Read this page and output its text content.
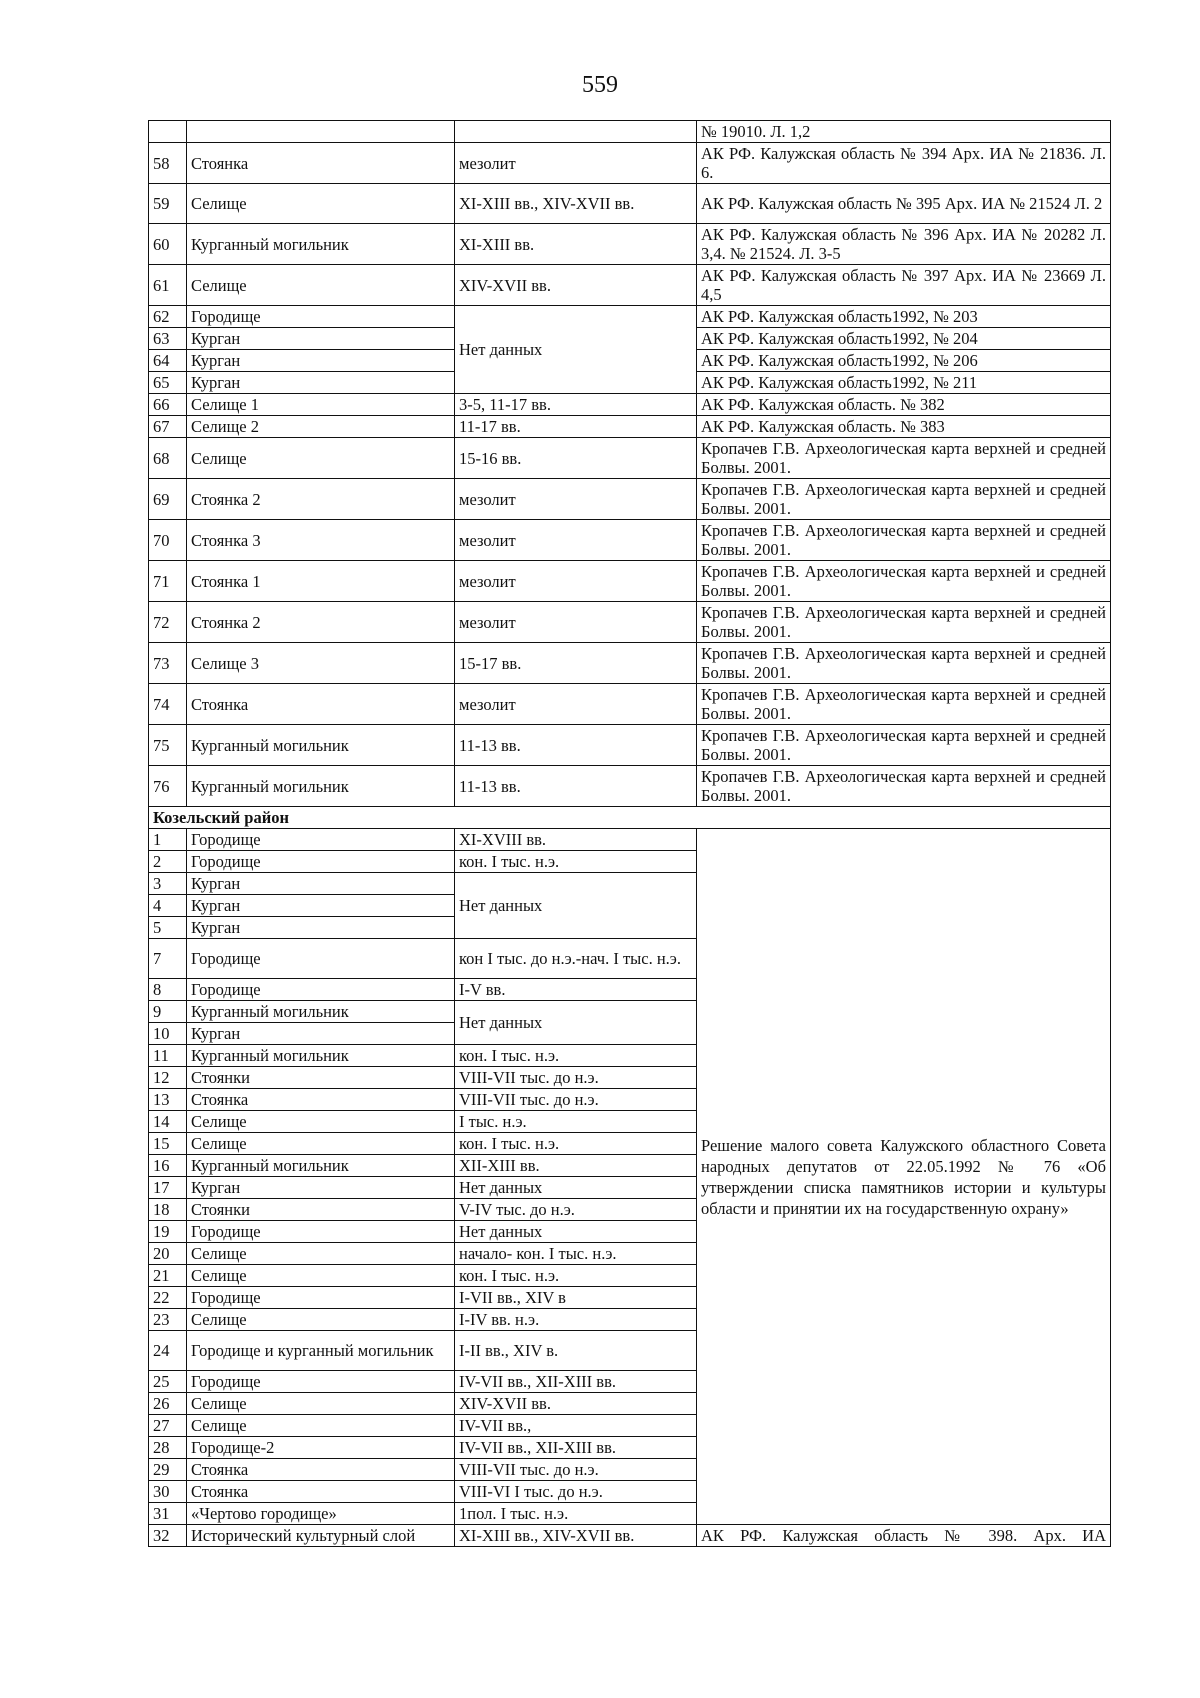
559
			№ 19010. Л. 1,2
58	Стоянка	мезолит	АК РФ. Калужская область № 394 Арх. ИА № 21836. Л. 6.
59	Селище	XI-XIII вв., XIV-XVII вв.	АК РФ. Калужская область № 395 Арх. ИА № 21524 Л. 2
60	Курганный могильник	XI-XIII вв.	АК РФ. Калужская область № 396 Арх. ИА № 20282 Л. 3,4. № 21524. Л. 3-5
61	Селище	XIV-XVII вв.	АК РФ. Калужская область № 397 Арх. ИА № 23669 Л. 4,5
62	Городище	Нет данных	АК РФ. Калужская область1992, № 203
63	Курган		АК РФ. Калужская область1992, № 204
64	Курган		АК РФ. Калужская область1992, № 206
65	Курган		АК РФ. Калужская область1992, № 211
66	Селище 1	3-5, 11-17 вв.	АК РФ. Калужская область. № 382
67	Селище 2	11-17 вв.	АК РФ. Калужская область. № 383
68	Селище	15-16 вв.	Кропачев Г.В. Археологическая карта верхней и средней Болвы. 2001.
69	Стоянка 2	мезолит	Кропачев Г.В. Археологическая карта верхней и средней Болвы. 2001.
70	Стоянка 3	мезолит	Кропачев Г.В. Археологическая карта верхней и средней Болвы. 2001.
71	Стоянка 1	мезолит	Кропачев Г.В. Археологическая карта верхней и средней Болвы. 2001.
72	Стоянка 2	мезолит	Кропачев Г.В. Археологическая карта верхней и средней Болвы. 2001.
73	Селище 3	15-17 вв.	Кропачев Г.В. Археологическая карта верхней и средней Болвы. 2001.
74	Стоянка	мезолит	Кропачев Г.В. Археологическая карта верхней и средней Болвы. 2001.
75	Курганный могильник	11-13 вв.	Кропачев Г.В. Археологическая карта верхней и средней Болвы. 2001.
76	Курганный могильник	11-13 вв.	Кропачев Г.В. Археологическая карта верхней и средней Болвы. 2001.
Козельский район			
1	Городище	XI-XVIII вв.	Решение малого совета Калужского областного Совета народных депутатов от 22.05.1992 № 76 «Об утверждении списка памятников истории и культуры области и принятии их на государственную охрану»
2	Городище	кон. I тыс. н.э.	
3	Курган	Нет данных	
4	Курган		
5	Курган		
7	Городище	кон I тыс. до н.э.-нач. I тыс. н.э.	
8	Городище	I-V вв.	
9	Курганный могильник	Нет данных	
10	Курган		
11	Курганный могильник	кон. I тыс. н.э.	
12	Стоянки	VIII-VII тыс. до н.э.	
13	Стоянка	VIII-VII тыс. до н.э.	
14	Селище	I тыс. н.э.	
15	Селище	кон. I тыс. н.э.	
16	Курганный могильник	XII-XIII вв.	
17	Курган	Нет данных	
18	Стоянки	V-IV тыс. до н.э.	
19	Городище	Нет данных	
20	Селище	начало- кон. I тыс. н.э.	
21	Селище	кон. I тыс. н.э.	
22	Городище	I-VII вв., XIV в	
23	Селище	I-IV вв. н.э.	
24	Городище и курганный могильник	I-II вв., XIV в.	
25	Городище	IV-VII вв., XII-XIII вв.	
26	Селище	XIV-XVII вв.	
27	Селище	IV-VII вв.,	
28	Городище-2	IV-VII вв., XII-XIII вв.	
29	Стоянка	VIII-VII тыс. до н.э.	
30	Стоянка	VIII-VI I тыс. до н.э.	
31	«Чертово городище»	1пол. I тыс. н.э.	
32	Исторический культурный слой	XI-XIII вв., XIV-XVII вв.	АК РФ. Калужская область № 398. Арх. ИА
